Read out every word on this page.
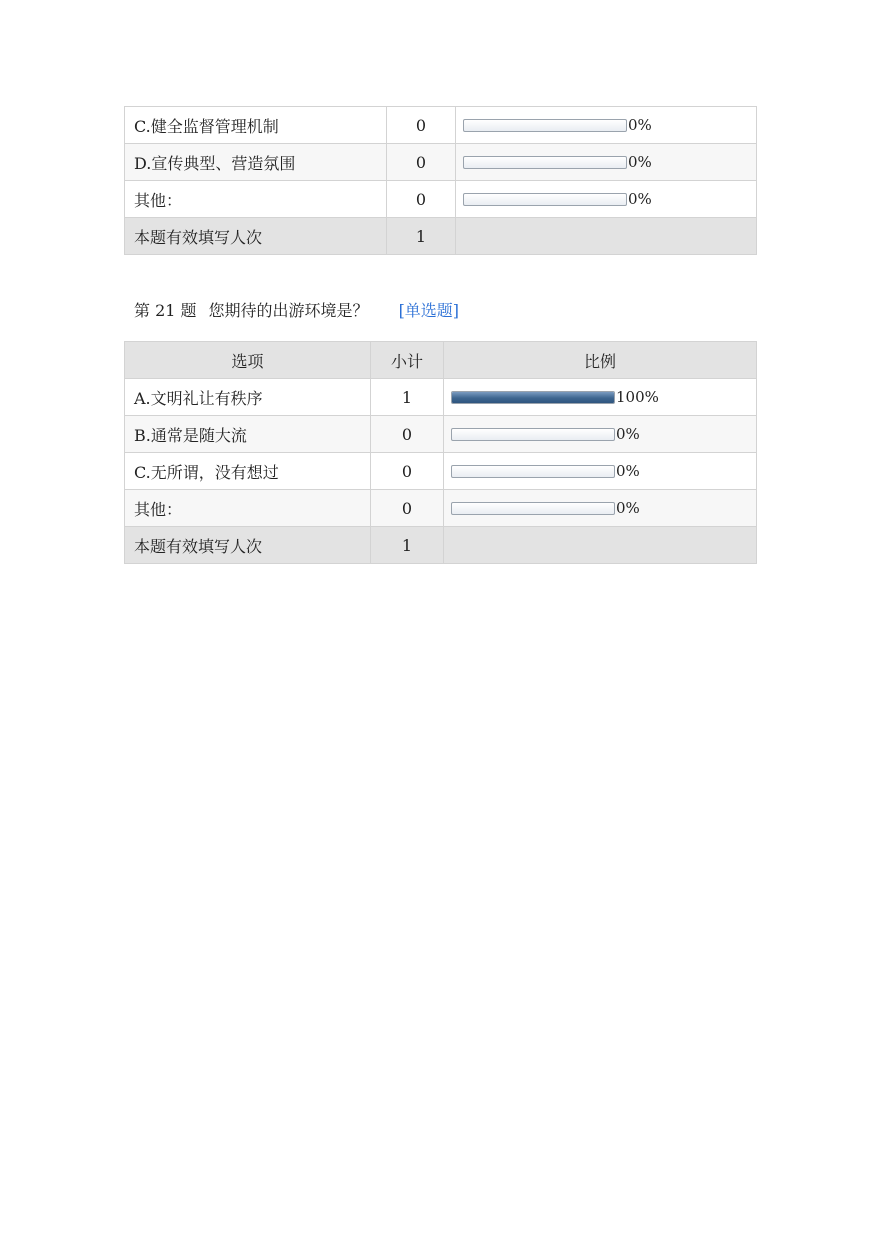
C.健全监督管理机制	0	0%

D.宣传典型、营造氛围	0	0%

其他：	0	0%

本题有效填写人次	1	
第 21 题 您期待的出游环境是？ [单选题]
选项	小计	比例
A.文明礼让有秩序	1	100%

B.通常是随大流	0	0%

C.无所谓，没有想过	0	0%

其他：	0	0%

本题有效填写人次	1	
